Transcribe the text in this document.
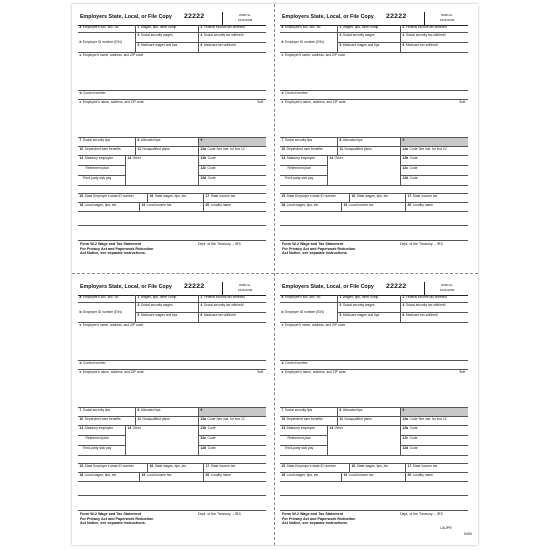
Employers State, Local, or File Copy 22222	OMB No.
1545-0008
a Employee's soc. sec. no.	1 Wages, tips, other comp.	2 Federal income tax withheld
b Employer ID number (EIN)
3 Social security wages	4 Social security tax withheld
5 Medicare wages and tips	6 Medicare tax withheld
c Employer's name, address, and ZIP code
d Control number
e Employee's name, address, and ZIP code	Suff.
7 Social security tips	8 Allocated tips	9
10 Dependent care benefits	11 Nonqualified plans	12a Code See inst. for box 12
13 Statutory employee
Retirement plan
Third-party sick pay
14 Other	12b Code
12c Code
12d Code
15 State Employer's state ID number	16 State wages, tips, etc.	17 State income tax
18 Local wages, tips, etc.	19 Local income tax	20 Locality name
Form W-2 Wage and Tax Statement
For Privacy Act and Paperwork Reduction
Act Notice, see separate instructions.
Dept. of the Treasury -- IRS
Employers State, Local, or File Copy 22222	OMB No.
1545-0008
a Employee's soc. sec. no.	1 Wages, tips, other comp.	2 Federal income tax withheld
b Employer ID number (EIN)
3 Social security wages	4 Social security tax withheld
5 Medicare wages and tips	6 Medicare tax withheld
c Employer's name, address, and ZIP code
d Control number
e Employee's name, address, and ZIP code	Suff.
7 Social security tips	8 Allocated tips	9
10 Dependent care benefits	11 Nonqualified plans	12a Code See inst. for box 12
13 Statutory employee
Retirement plan
Third-party sick pay
14 Other	12b Code
12c Code
12d Code
15 State Employer's state ID number	16 State wages, tips, etc.	17 State income tax
18 Local wages, tips, etc.	19 Local income tax	20 Locality name
Form W-2 Wage and Tax Statement
For Privacy Act and Paperwork Reduction
Act Notice, see separate instructions.
Dept. of the Treasury -- IRS
Employers State, Local, or File Copy 22222	OMB No.
1545-0008
a Employee's soc. sec. no.	1 Wages, tips, other comp.	2 Federal income tax withheld
b Employer ID number (EIN)
3 Social security wages	4 Social security tax withheld
5 Medicare wages and tips	6 Medicare tax withheld
c Employer's name, address, and ZIP code
d Control number
e Employee's name, address, and ZIP code	Suff.
7 Social security tips	8 Allocated tips	9
10 Dependent care benefits	11 Nonqualified plans	12a Code See inst. for box 12
13 Statutory employee
Retirement plan
Third-party sick pay
14 Other	12b Code
12c Code
12d Code
15 State Employer's state ID number	16 State wages, tips, etc.	17 State income tax
18 Local wages, tips, etc.	19 Local income tax	20 Locality name
Form W-2 Wage and Tax Statement
For Privacy Act and Paperwork Reduction
Act Notice, see separate instructions.
Dept. of the Treasury -- IRS
Employers State, Local, or File Copy 22222	OMB No.
1545-0008
a Employee's soc. sec. no.	1 Wages, tips, other comp.	2 Federal income tax withheld
b Employer ID number (EIN)
3 Social security wages	4 Social security tax withheld
5 Medicare wages and tips	6 Medicare tax withheld
c Employer's name, address, and ZIP code
d Control number
e Employee's name, address, and ZIP code	Suff.
7 Social security tips	8 Allocated tips	9
10 Dependent care benefits	11 Nonqualified plans	12a Code See inst. for box 12
13 Statutory employee
Retirement plan
Third-party sick pay
14 Other	12b Code
12c Code
12d Code
15 State Employer's state ID number	16 State wages, tips, etc.	17 State income tax
18 Local wages, tips, etc.	19 Local income tax	20 Locality name
Form W-2 Wage and Tax Statement
For Privacy Act and Paperwork Reduction
Act Notice, see separate instructions.
Dept. of the Treasury -- IRS
LAUPR
5409
